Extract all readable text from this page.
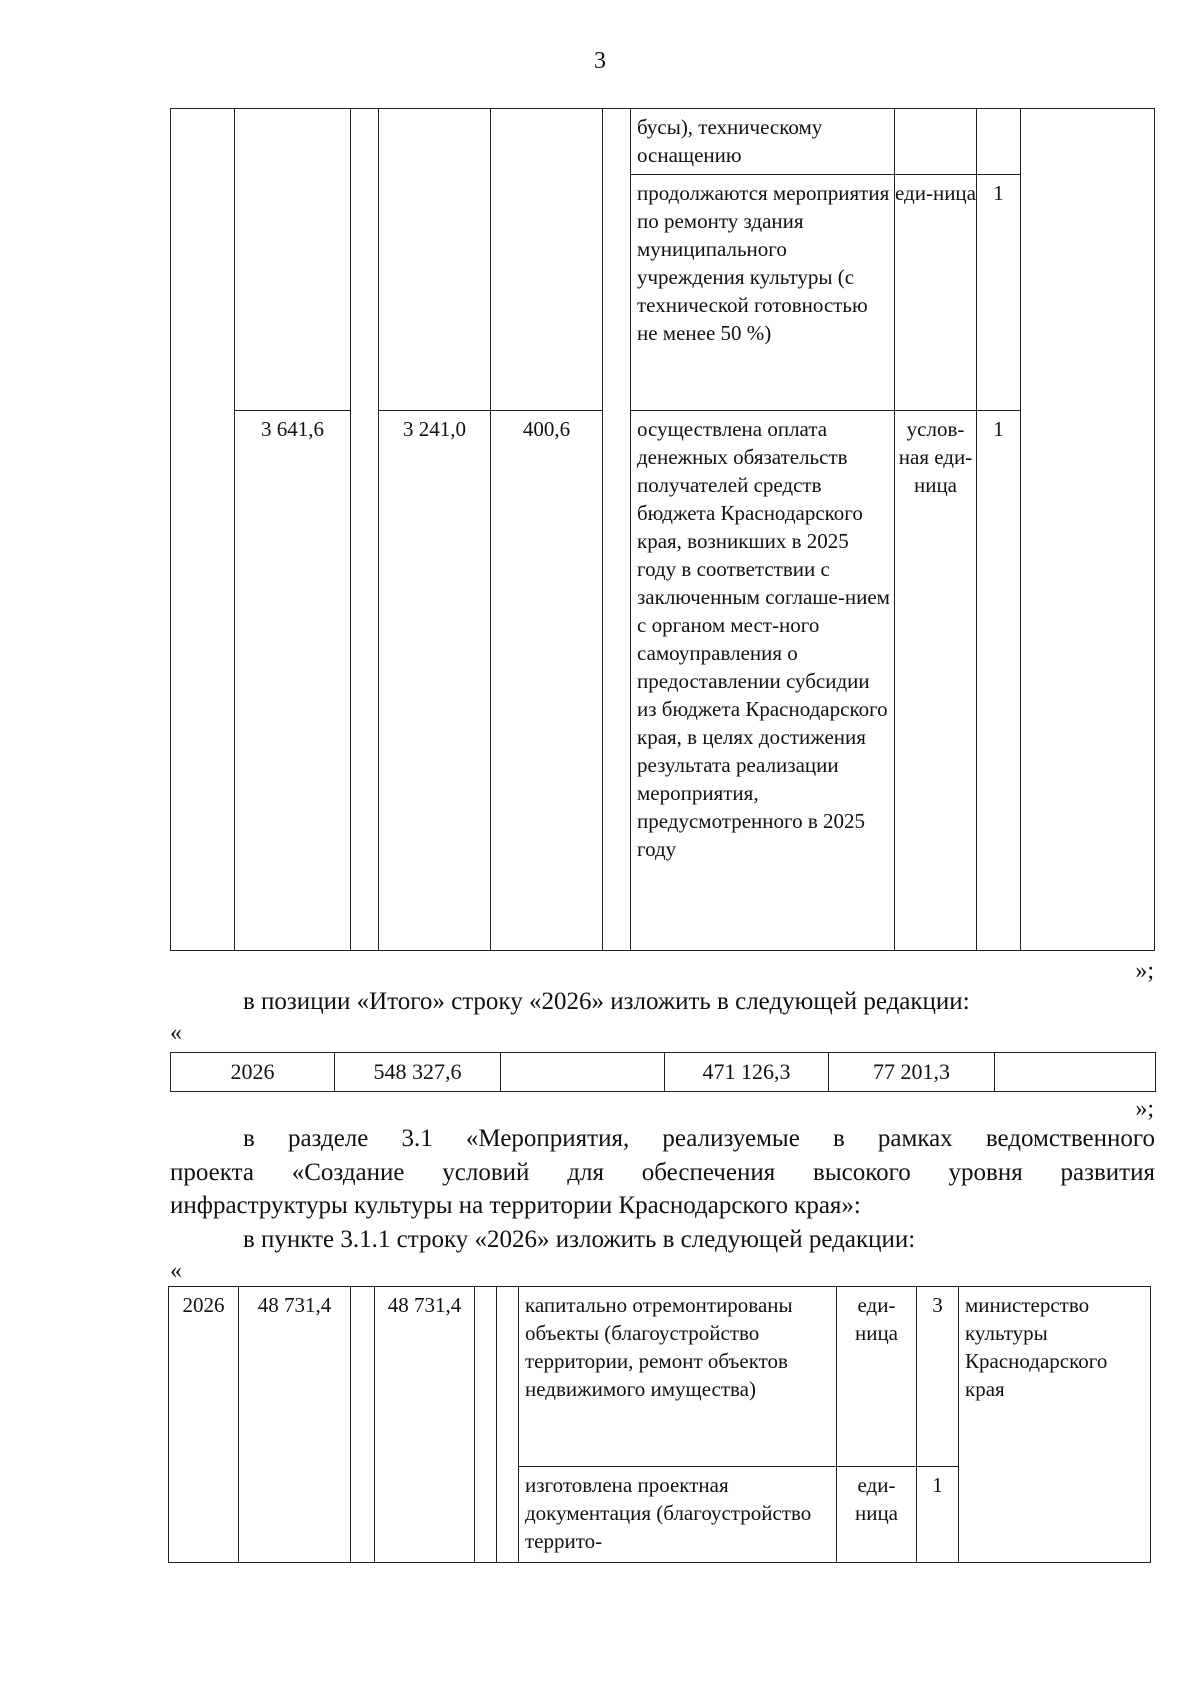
3
						бусы), техническому оснащению			
						продолжаются мероприятия по ремонту здания муниципального учреждения культуры (с технической готовностью не менее 50 %)	еди-ница	1	
	3 641,6		3 241,0	400,6		осуществлена оплата денежных обязательств получателей средств бюджета Краснодарского края, возникших в 2025 году в соответствии с заключенным соглаше-нием с органом мест-ного самоуправления о предоставлении субсидии из бюджета Краснодарского края, в целях достижения результата реализации мероприятия, предусмотренного в 2025 году	услов-ная еди-ница	1	
»;
в позиции «Итого» строку «2026» изложить в следующей редакции:
«
2026	548 327,6		471 126,3	77 201,3	
»;
в разделе 3.1 «Мероприятия, реализуемые в рамках ведомственного
проекта «Создание условий для обеспечения высокого уровня развития
инфраструктуры культуры на территории Краснодарского края»:
в пункте 3.1.1 строку «2026» изложить в следующей редакции:
«
2026	48 731,4		48 731,4			капитально отремонтированы объекты (благоустройство территории, ремонт объектов недвижимого имущества)	еди-ница	3	министерство культуры Краснодарского края
						изготовлена проектная документация (благоустройство террито-	еди-ница	1	
